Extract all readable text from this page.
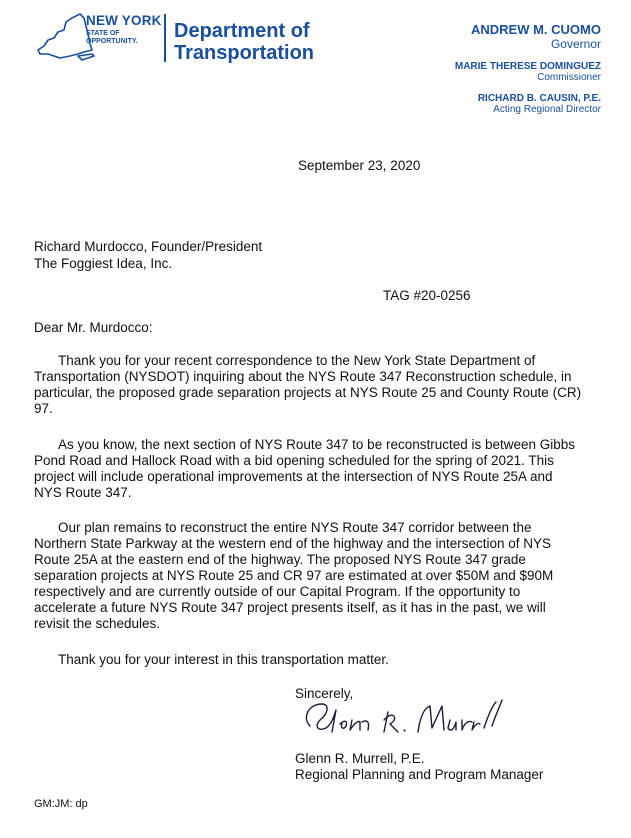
NEW YORK
STATE OF
OPPORTUNITY.	Department of
Transportation
ANDREW M. CUOMO
Governor
MARIE THERESE DOMINGUEZ
Commissioner
RICHARD B. CAUSIN, P.E.
Acting Regional Director
September 23, 2020
Richard Murdocco, Founder/President
The Foggiest Idea, Inc.
TAG #20-0256
Dear Mr. Murdocco:
Thank you for your recent correspondence to the New York State Department of Transportation (NYSDOT) inquiring about the NYS Route 347 Reconstruction schedule, in particular, the proposed grade separation projects at NYS Route 25 and County Route (CR) 97.
As you know, the next section of NYS Route 347 to be reconstructed is between Gibbs Pond Road and Hallock Road with a bid opening scheduled for the spring of 2021. This project will include operational improvements at the intersection of NYS Route 25A and NYS Route 347.
Our plan remains to reconstruct the entire NYS Route 347 corridor between the Northern State Parkway at the western end of the highway and the intersection of NYS Route 25A at the eastern end of the highway. The proposed NYS Route 347 grade separation projects at NYS Route 25 and CR 97 are estimated at over $50M and $90M respectively and are currently outside of our Capital Program. If the opportunity to accelerate a future NYS Route 347 project presents itself, as it has in the past, we will revisit the schedules.
Thank you for your interest in this transportation matter.
Sincerely,
Glenn R. Murrell, P.E.
Regional Planning and Program Manager
GM:JM: dp
